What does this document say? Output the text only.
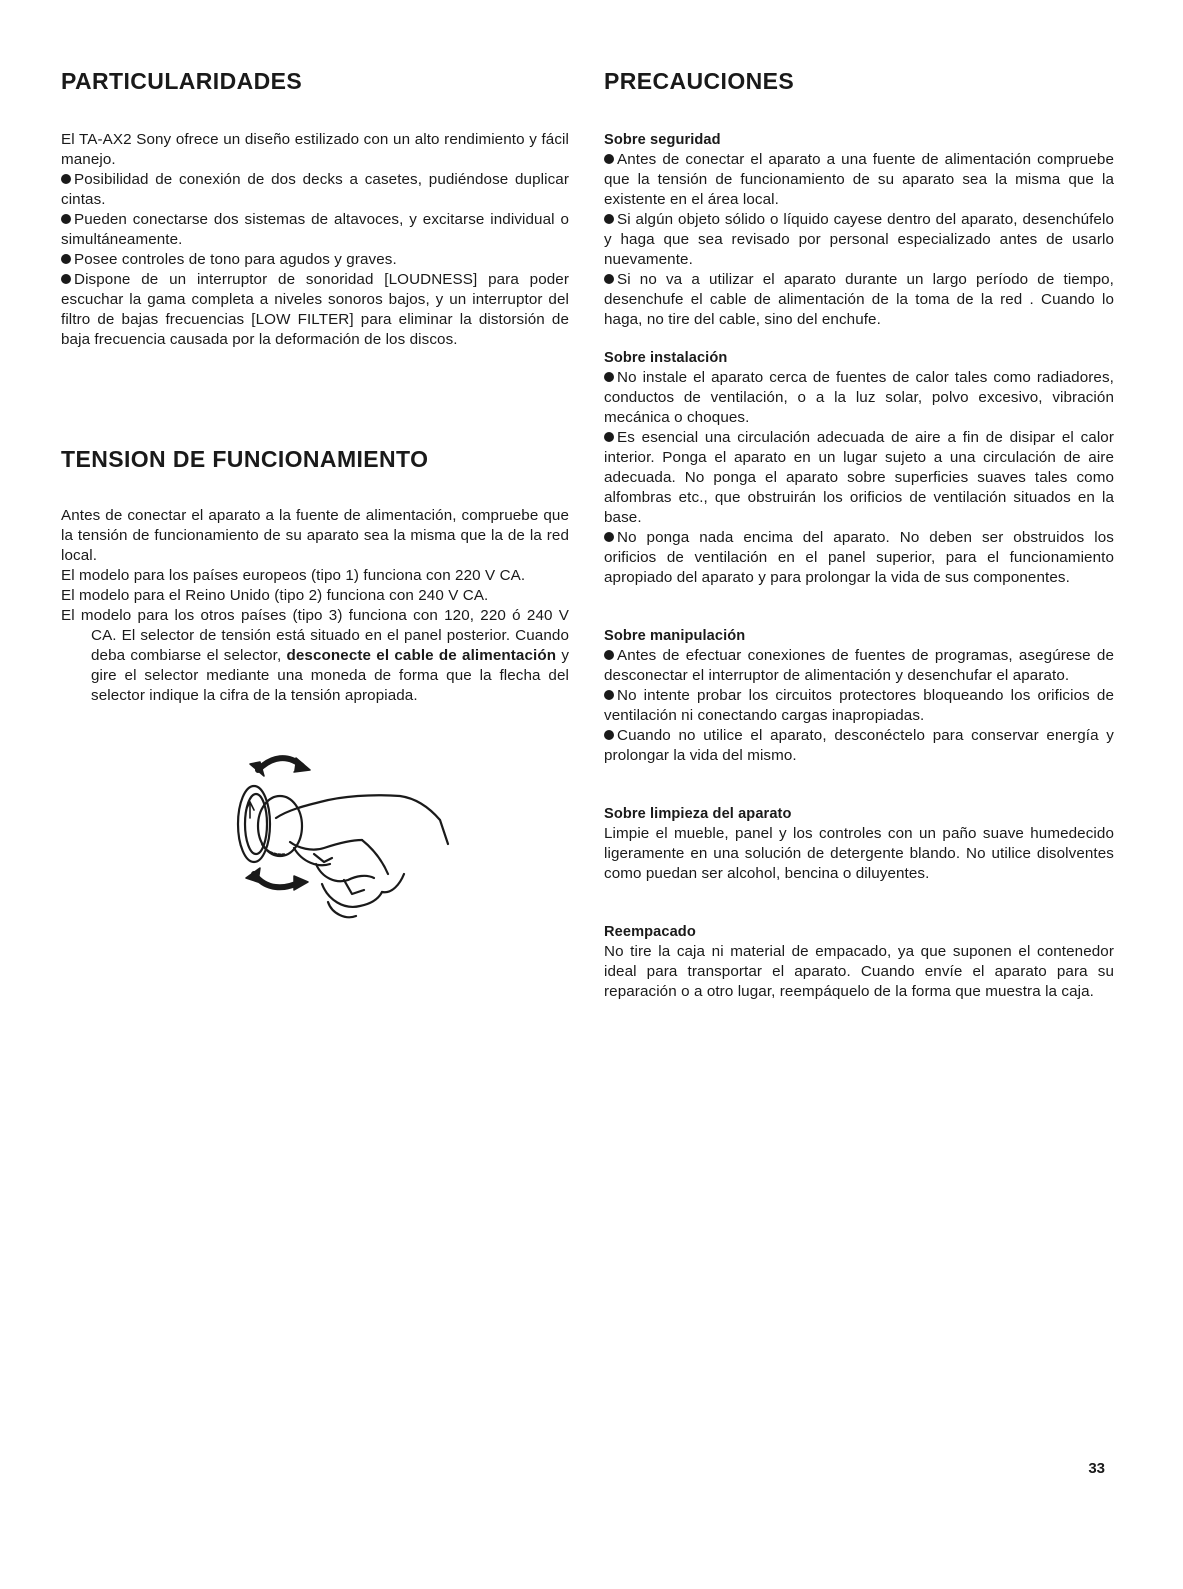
PARTICULARIDADES

El TA-AX2 Sony ofrece un diseño estilizado con un alto rendimiento y fácil manejo.

Posibilidad de conexión de dos decks a casetes, pudiéndose duplicar cintas.

Pueden conectarse dos sistemas de altavoces, y excitarse individual o simultáneamente.

Posee controles de tono para agudos y graves.

Dispone de un interruptor de sonoridad [LOUDNESS] para poder escuchar la gama completa a niveles sonoros bajos, y un interruptor del filtro de bajas frecuencias [LOW FILTER] para eliminar la distorsión de baja frecuencia causada por la deformación de los discos.

TENSION DE FUNCIONAMIENTO

Antes de conectar el aparato a la fuente de alimentación, compruebe que la tensión de funcionamiento de su aparato sea la misma que la de la red local.

El modelo para los países europeos (tipo 1) funciona con 220 V CA.

El modelo para el Reino Unido (tipo 2) funciona con 240 V CA.

El modelo para los otros países (tipo 3) funciona con 120, 220 ó 240 V CA. El selector de tensión está situado en el panel posterior. Cuando deba combiarse el selector, desconecte el cable de alimentación y gire el selector mediante una moneda de forma que la flecha del selector indique la cifra de la tensión apropiada.

PRECAUCIONES

Sobre seguridad

Antes de conectar el aparato a una fuente de alimentación compruebe que la tensión de funcionamiento de su aparato sea la misma que la existente en el área local.

Si algún objeto sólido o líquido cayese dentro del aparato, desenchúfelo y haga que sea revisado por personal especializado antes de usarlo nuevamente.

Si no va a utilizar el aparato durante un largo período de tiempo, desenchufe el cable de alimentación de la toma de la red . Cuando lo haga, no tire del cable, sino del enchufe.

Sobre instalación

No instale el aparato cerca de fuentes de calor tales como radiadores, conductos de ventilación, o a la luz solar, polvo excesivo, vibración mecánica o choques.

Es esencial una circulación adecuada de aire a fin de disipar el calor interior. Ponga el aparato en un lugar sujeto a una circulación de aire adecuada. No ponga el aparato sobre superficies suaves tales como alfombras etc., que obstruirán los orificios de ventilación situados en la base.

No ponga nada encima del aparato. No deben ser obstruidos los orificios de ventilación en el panel superior, para el funcionamiento apropiado del aparato y para prolongar la vida de sus componentes.

Sobre manipulación

Antes de efectuar conexiones de fuentes de programas, asegúrese de desconectar el interruptor de alimentación y desenchufar el aparato.

No intente probar los circuitos protectores bloqueando los orificios de ventilación ni conectando cargas inapropiadas.

Cuando no utilice el aparato, desconéctelo para conservar energía y prolongar la vida del mismo.

Sobre limpieza del aparato

Limpie el mueble, panel y los controles con un paño suave humedecido ligeramente en una solución de detergente blando. No utilice disolventes como puedan ser alcohol, bencina o diluyentes.

Reempacado

No tire la caja ni material de empacado, ya que suponen el contenedor ideal para transportar el aparato. Cuando envíe el aparato para su reparación o a otro lugar, reempáquelo de la forma que muestra la caja.

33
